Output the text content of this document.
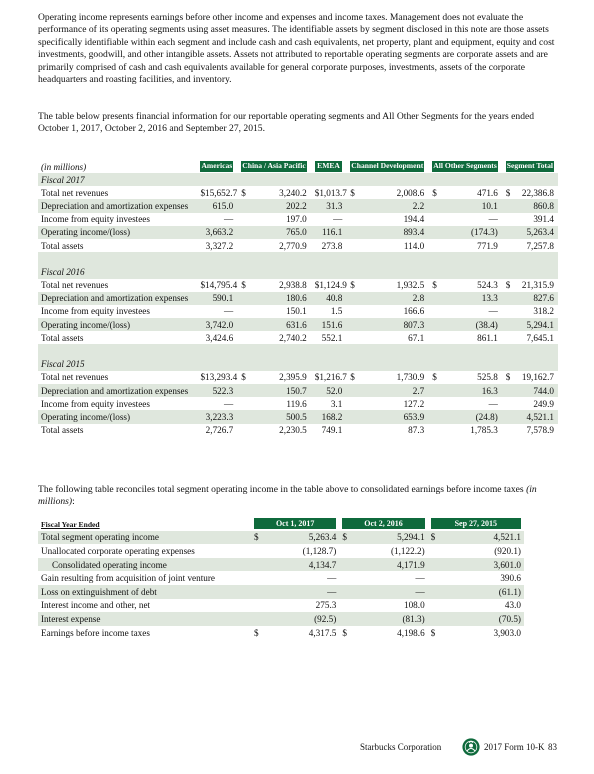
Operating income represents earnings before other income and expenses and income taxes. Management does not evaluate the performance of its operating segments using asset measures. The identifiable assets by segment disclosed in this note are those assets specifically identifiable within each segment and include cash and cash equivalents, net property, plant and equipment, equity and cost investments, goodwill, and other intangible assets. Assets not attributed to reportable operating segments are corporate assets and are primarily comprised of cash and cash equivalents available for general corporate purposes, investments, assets of the corporate headquarters and roasting facilities, and inventory.

The table below presents financial information for our reportable operating segments and All Other Segments for the years ended October 1, 2017, October 2, 2016 and September 27, 2015.

(in millions)	Americas	China / Asia Pacific	EMEA	Channel Development	All Other Segments	Segment Total

Fiscal 2017						
Total net revenues	$ 15,652.7	$ 3,240.2	$ 1,013.7	$ 2,008.6	$ 471.6	$ 22,386.8
Depreciation and amortization expenses	615.0	202.2	31.3	2.2	10.1	860.8
Income from equity investees	—	197.0	—	194.4	—	391.4
Operating income/(loss)	3,663.2	765.0	116.1	893.4	(174.3)	5,263.4
Total assets	3,327.2	2,770.9	273.8	114.0	771.9	7,257.8

Fiscal 2016						
Total net revenues	$ 14,795.4	$ 2,938.8	$ 1,124.9	$ 1,932.5	$ 524.3	$ 21,315.9
Depreciation and amortization expenses	590.1	180.6	40.8	2.8	13.3	827.6
Income from equity investees	—	150.1	1.5	166.6	—	318.2
Operating income/(loss)	3,742.0	631.6	151.6	807.3	(38.4)	5,294.1
Total assets	3,424.6	2,740.2	552.1	67.1	861.1	7,645.1

Fiscal 2015						
Total net revenues	$ 13,293.4	$ 2,395.9	$ 1,216.7	$ 1,730.9	$ 525.8	$ 19,162.7
Depreciation and amortization expenses	522.3	150.7	52.0	2.7	16.3	744.0
Income from equity investees	—	119.6	3.1	127.2	—	249.9
Operating income/(loss)	3,223.3	500.5	168.2	653.9	(24.8)	4,521.1
Total assets	2,726.7	2,230.5	749.1	87.3	1,785.3	7,578.9

The following table reconciles total segment operating income in the table above to consolidated earnings before income taxes (in millions):

Fiscal Year Ended	Oct 1, 2017	Oct 2, 2016	Sep 27, 2015

Total segment operating income	$ 5,263.4	$ 5,294.1	$ 4,521.1
Unallocated corporate operating expenses	(1,128.7)	(1,122.2)	(920.1)
Consolidated operating income	4,134.7	4,171.9	3,601.0
Gain resulting from acquisition of joint venture	—	—	390.6
Loss on extinguishment of debt	—	—	(61.1)
Interest income and other, net	275.3	108.0	43.0
Interest expense	(92.5)	(81.3)	(70.5)
Earnings before income taxes	$ 4,317.5	$ 4,198.6	$ 3,903.0
Starbucks Corporation	2017 Form 10-K 83
